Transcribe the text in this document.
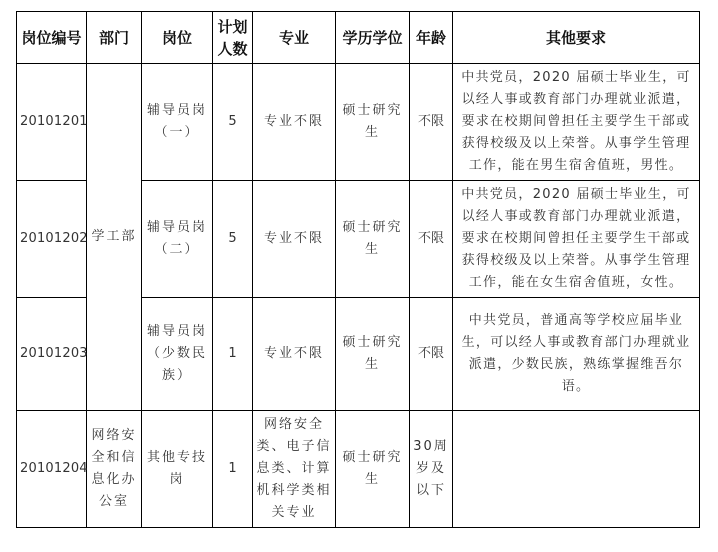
岗位编号	部门	岗位	计划人数	专业	学历学位	年龄	其他要求
20101201	学工部	辅导员岗（一）	5	专业不限	硕士研究生	不限	中共党员，2020 届硕士毕业生，可以经人事或教育部门办理就业派遣，要求在校期间曾担任主要学生干部或获得校级及以上荣誉。从事学生管理工作，能在男生宿舍值班，男性。
20101202		辅导员岗（二）	5	专业不限	硕士研究生	不限	中共党员，2020 届硕士毕业生，可以经人事或教育部门办理就业派遣，要求在校期间曾担任主要学生干部或获得校级及以上荣誉。从事学生管理工作，能在女生宿舍值班，女性。
20101203		辅导员岗（少数民族）	1	专业不限	硕士研究生	不限	中共党员，普通高等学校应届毕业生，可以经人事或教育部门办理就业派遣，少数民族，熟练掌握维吾尔语。
20101204	网络安全和信息化办公室	其他专技岗	1	网络安全类、电子信息类、计算机科学类相关专业	硕士研究生	30周岁及以下	
